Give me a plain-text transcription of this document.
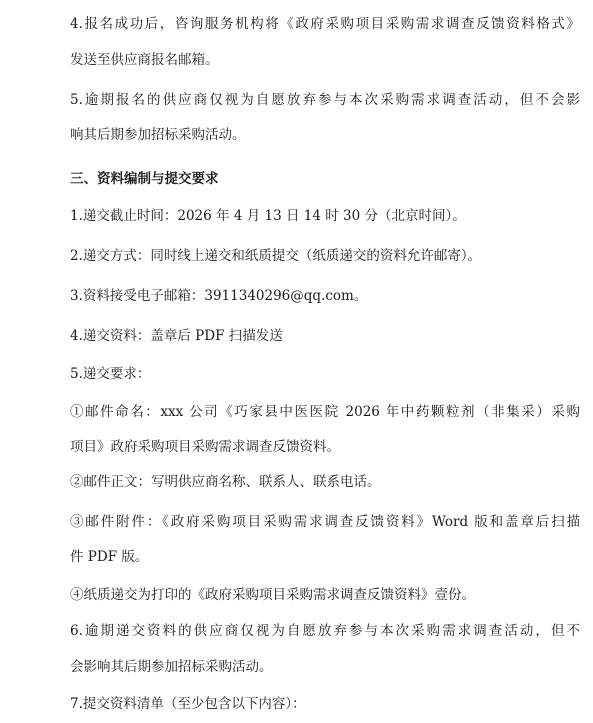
4.报名成功后，咨询服务机构将《政府采购项目采购需求调查反馈资料格式》
发送至供应商报名邮箱。
5.逾期报名的供应商仅视为自愿放弃参与本次采购需求调查活动，但不会影
响其后期参加招标采购活动。
三、资料编制与提交要求
1.递交截止时间：2026 年 4 月 13 日 14 时 30 分（北京时间）。
2.递交方式：同时线上递交和纸质提交（纸质递交的资料允许邮寄）。
3.资料接受电子邮箱：3911340296@qq.com。
4.递交资料：盖章后 PDF 扫描发送
5.递交要求：
①邮件命名：xxx 公司《巧家县中医医院 2026 年中药颗粒剂（非集采）采购
项目》政府采购项目采购需求调查反馈资料。
②邮件正文：写明供应商名称、联系人、联系电话。
③邮件附件：《政府采购项目采购需求调查反馈资料》Word 版和盖章后扫描
件 PDF 版。
④纸质递交为打印的《政府采购项目采购需求调查反馈资料》壹份。
6.逾期递交资料的供应商仅视为自愿放弃参与本次采购需求调查活动，但不
会影响其后期参加招标采购活动。
7.提交资料清单（至少包含以下内容）：
